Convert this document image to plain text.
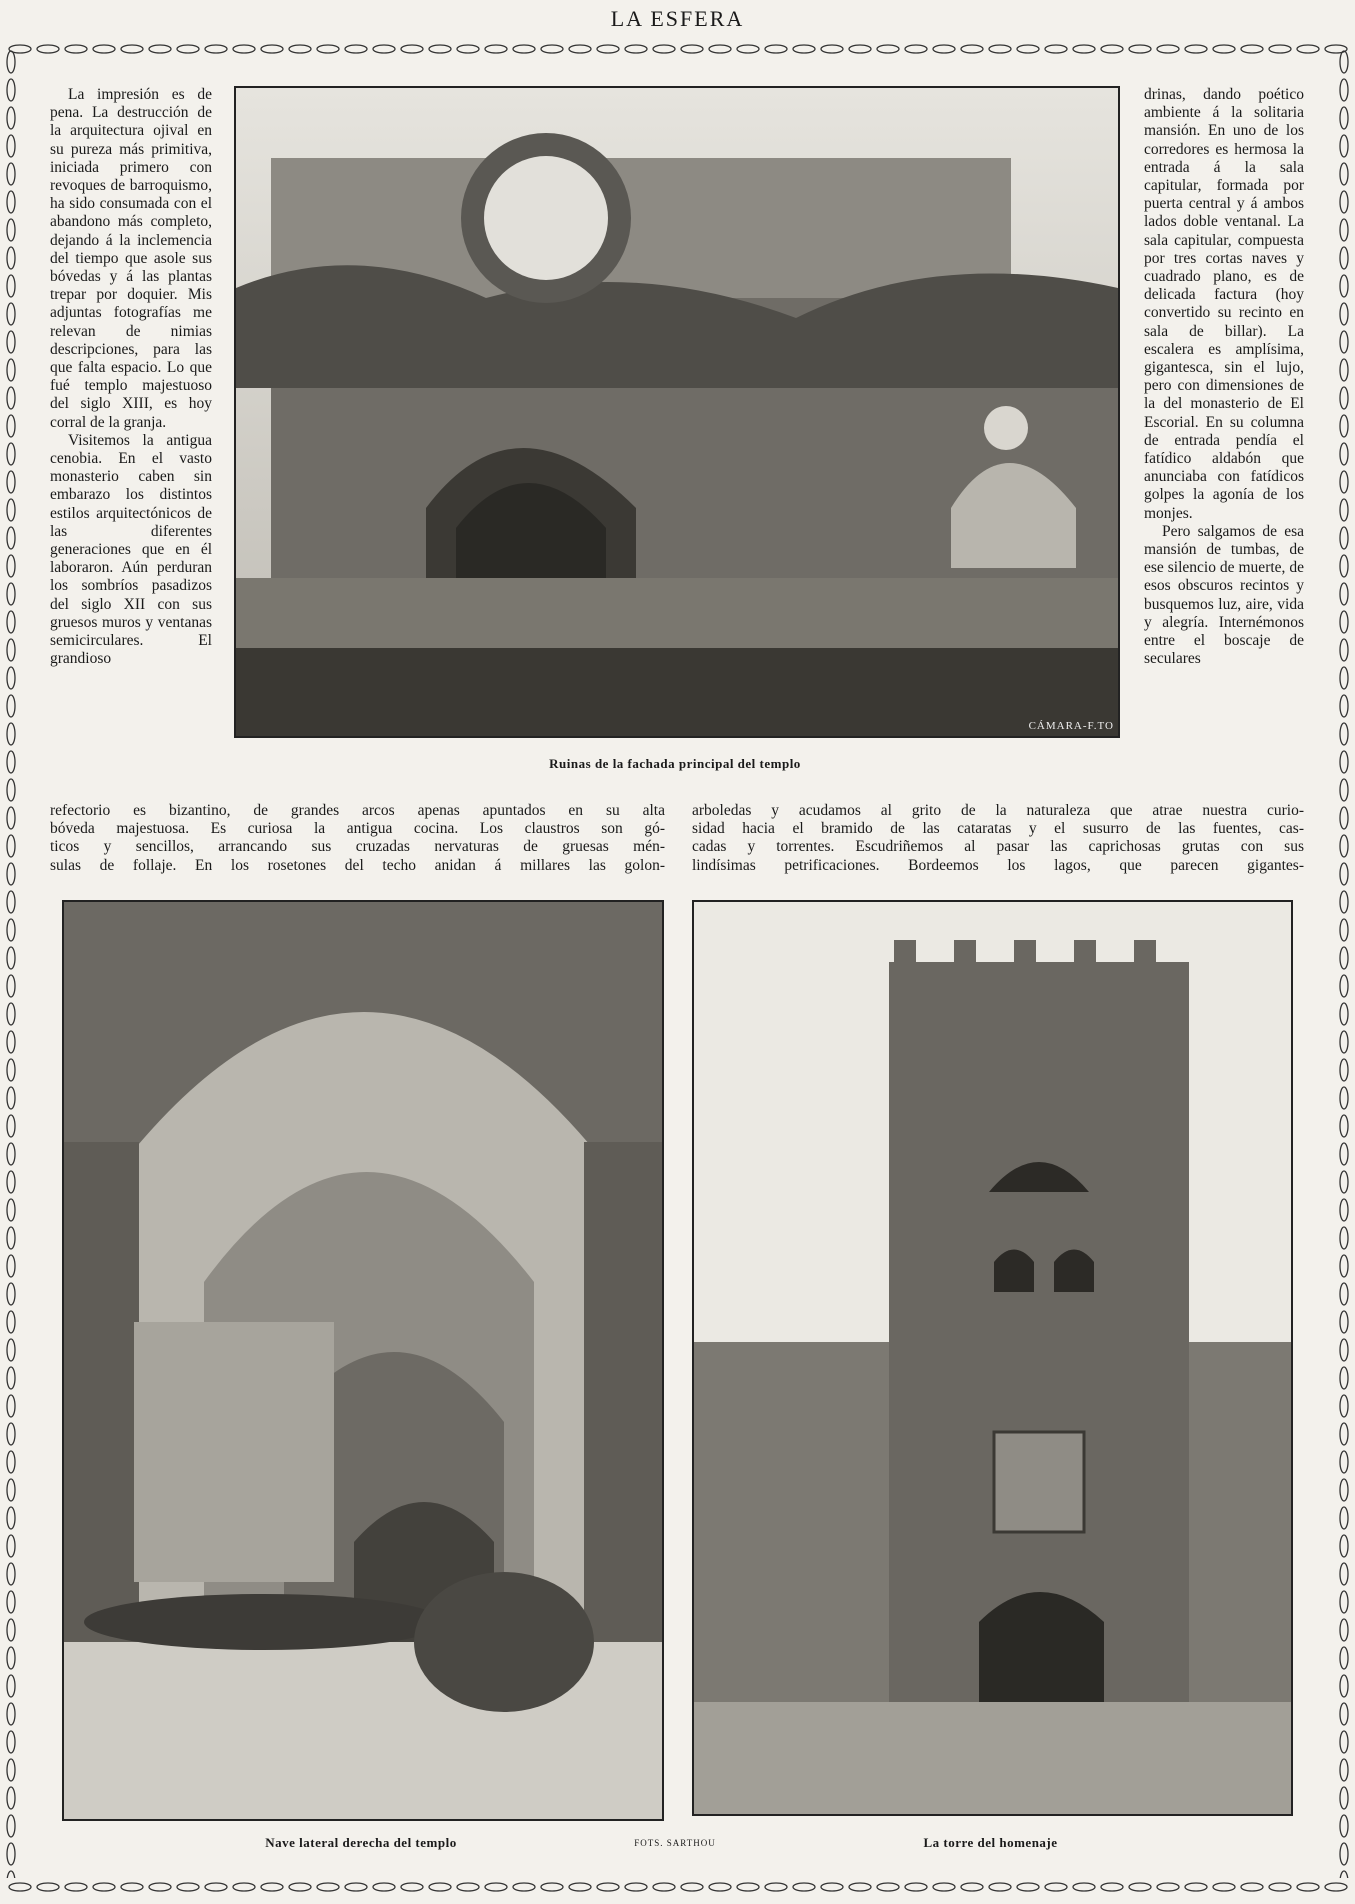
LA ESFERA

La impresión es de pena. La destrucción de la arquitectura ojival en su pureza más primitiva, iniciada primero con revoques de barroquismo, ha sido consumada con el abandono más completo, dejando á la inclemencia del tiempo que asole sus bóvedas y á las plantas trepar por doquier. Mis adjuntas fotografías me relevan de nimias descripciones, para las que falta espacio. Lo que fué templo majestuoso del siglo XIII, es hoy corral de la granja.

Visitemos la antigua cenobia. En el vasto monasterio caben sin embarazo los distintos estilos arquitectónicos de las diferentes generaciones que en él laboraron. Aún perduran los sombríos pasadizos del siglo XII con sus gruesos muros y ventanas semicirculares. El grandioso

CÁMARA-F.TO
Ruinas de la fachada principal del templo

drinas, dando poético ambiente á la solitaria mansión. En uno de los corredores es hermosa la entrada á la sala capitular, formada por puerta central y á ambos lados doble ventanal. La sala capitular, compuesta por tres cortas naves y cuadrado plano, es de delicada factura (hoy convertido su recinto en sala de billar). La escalera es amplísima, gigantesca, sin el lujo, pero con dimensiones de la del monasterio de El Escorial. En su columna de entrada pendía el fatídico aldabón que anunciaba con fatídicos golpes la agonía de los monjes.

Pero salgamos de esa mansión de tumbas, de ese silencio de muerte, de esos obscuros recintos y busquemos luz, aire, vida y alegría. Internémonos entre el boscaje de seculares

refectorio es bizantino, de grandes arcos apenas apuntados en su alta
bóveda majestuosa. Es curiosa la antigua cocina. Los claustros son gó-
ticos y sencillos, arrancando sus cruzadas nervaturas de gruesas mén-
sulas de follaje. En los rosetones del techo anidan á millares las golon-
arboledas y acudamos al grito de la naturaleza que atrae nuestra curio-
sidad hacia el bramido de las cataratas y el susurro de las fuentes, cas-
cadas y torrentes. Escudriñemos al pasar las caprichosas grutas con sus
lindísimas petrificaciones. Bordeemos los lagos, que parecen gigantes-
Nave lateral derecha del templo	FOTS. SARTHOU	La torre del homenaje
